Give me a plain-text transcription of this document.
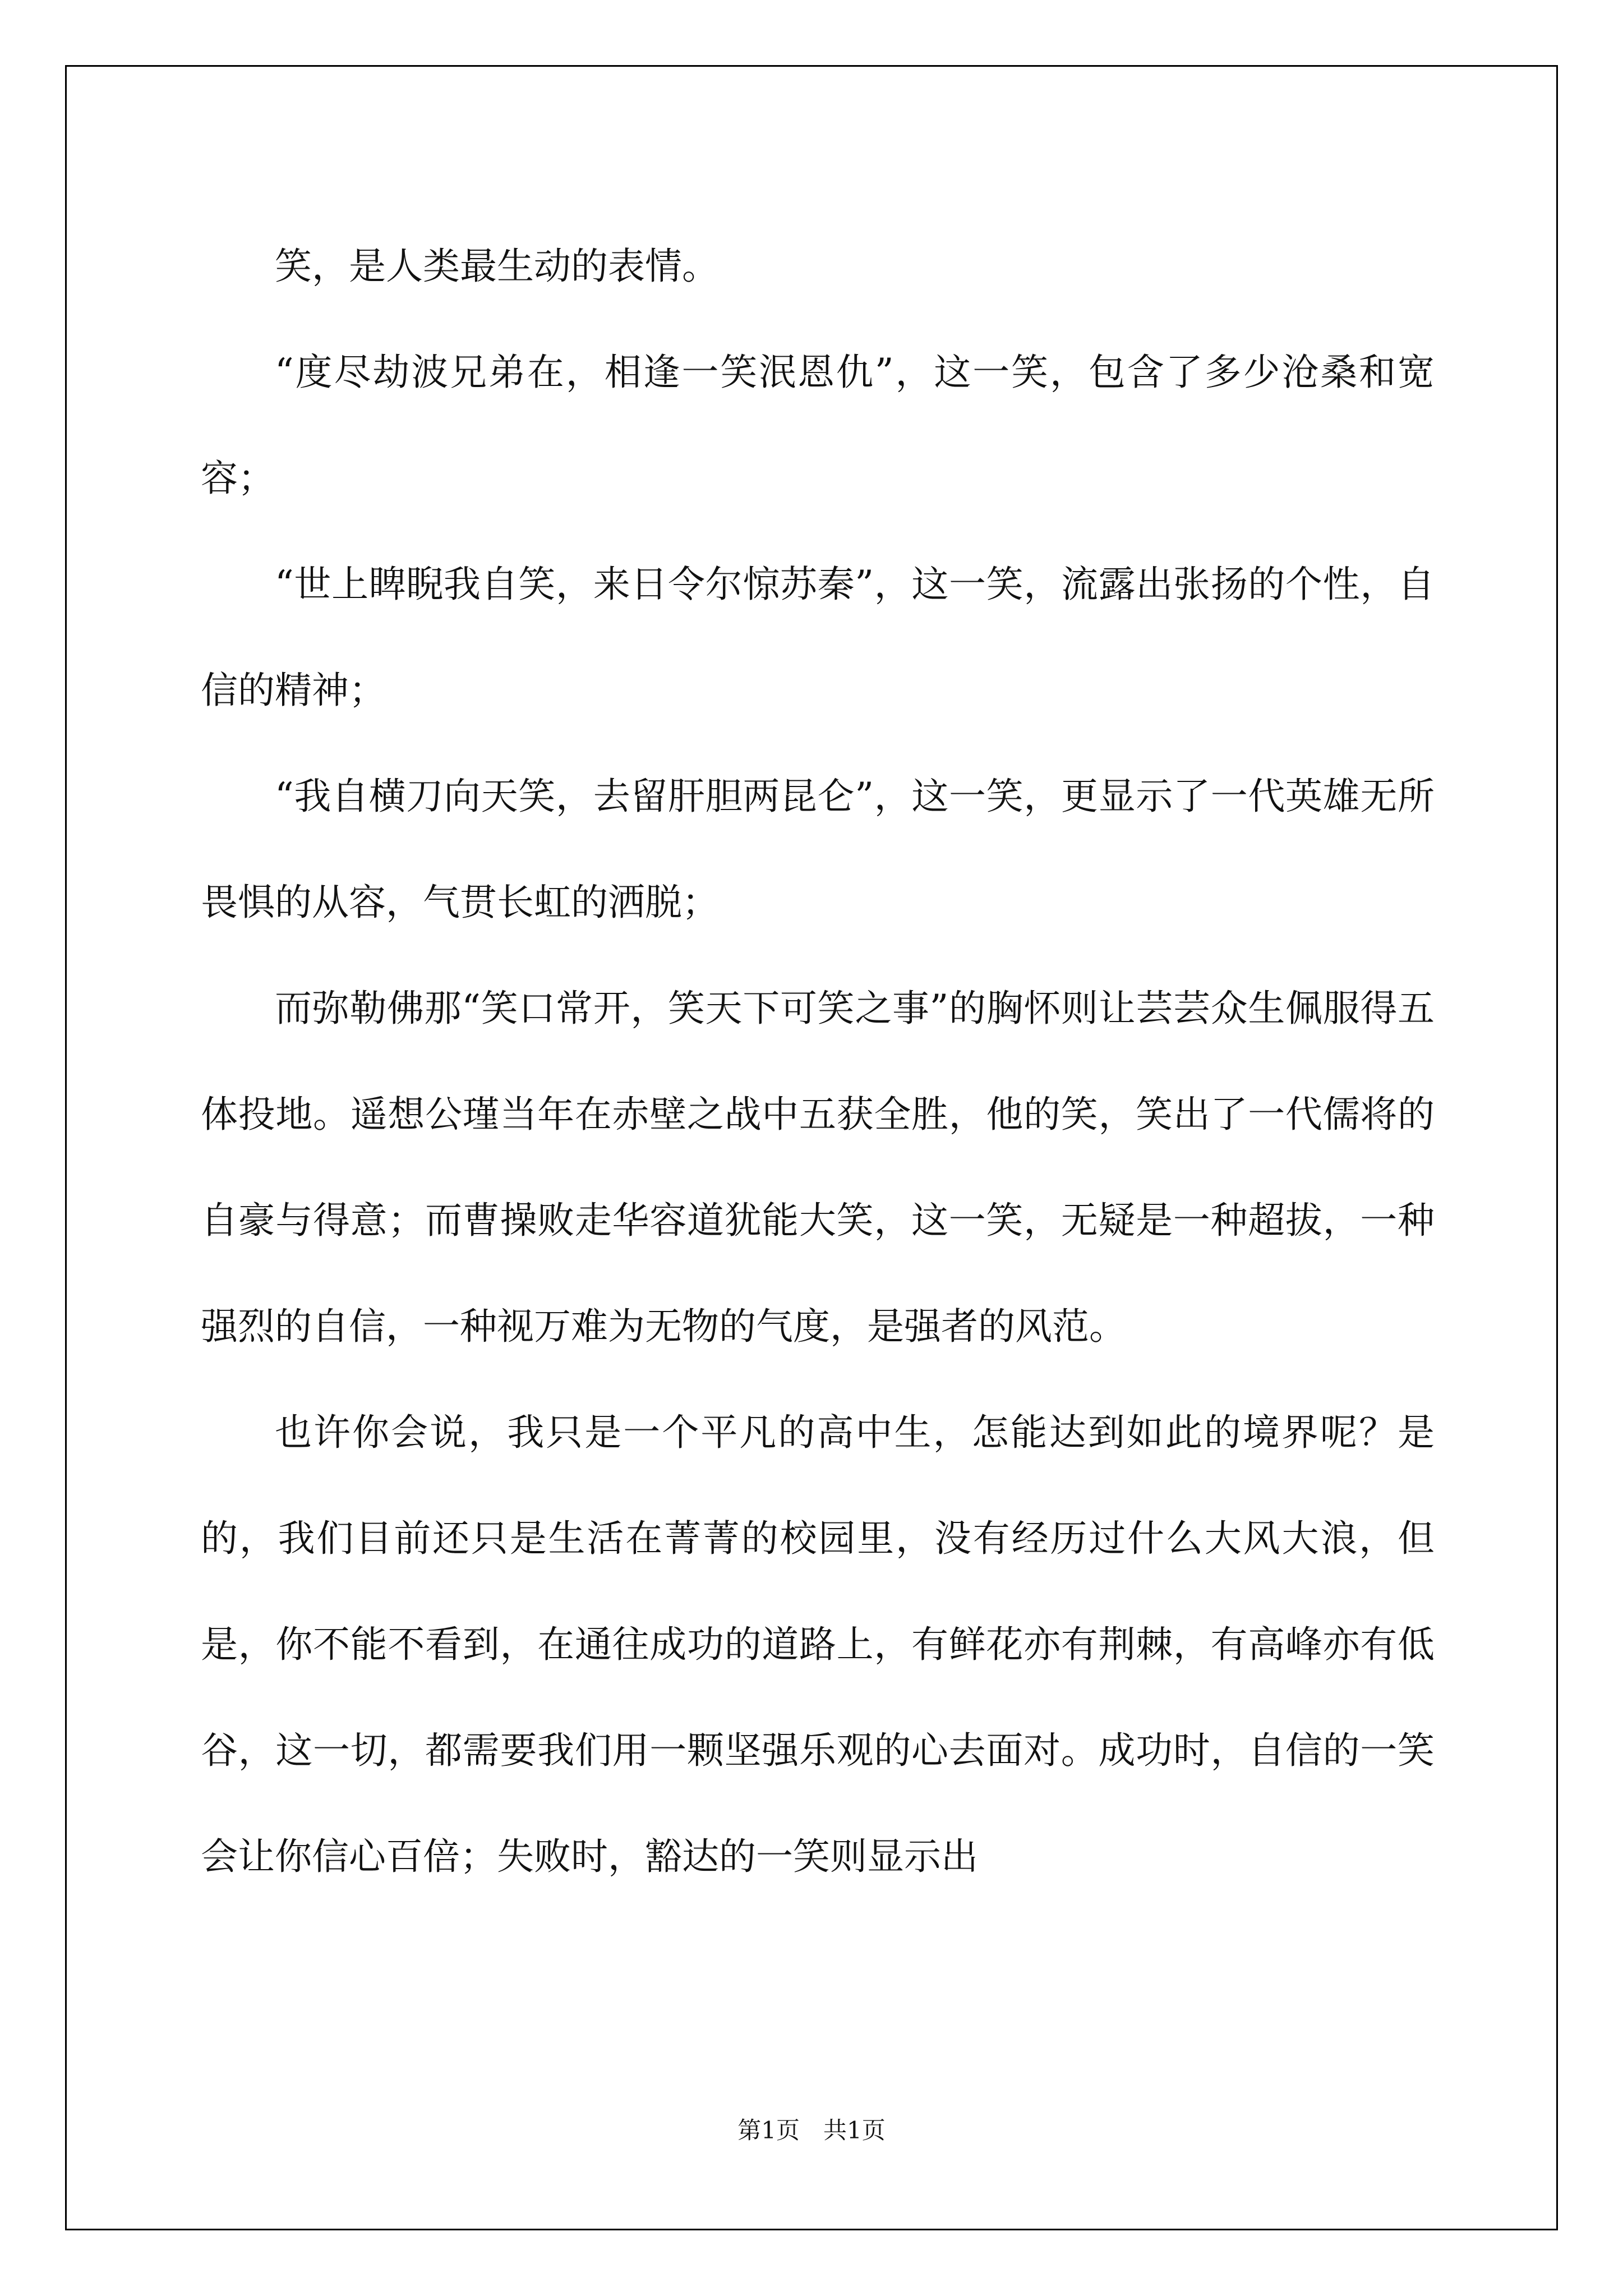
笑，是人类最生动的表情。

“度尽劫波兄弟在，相逢一笑泯恩仇”，这一笑，包含了多少沧桑和宽容；

“世上睥睨我自笑，来日令尔惊苏秦”，这一笑，流露出张扬的个性，自信的精神；

“我自横刀向天笑，去留肝胆两昆仑”，这一笑，更显示了一代英雄无所畏惧的从容，气贯长虹的洒脱；

而弥勒佛那“笑口常开，笑天下可笑之事”的胸怀则让芸芸众生佩服得五体投地。遥想公瑾当年在赤壁之战中五获全胜，他的笑，笑出了一代儒将的自豪与得意；而曹操败走华容道犹能大笑，这一笑，无疑是一种超拔，一种强烈的自信，一种视万难为无物的气度，是强者的风范。

也许你会说，我只是一个平凡的高中生，怎能达到如此的境界呢？是的，我们目前还只是生活在菁菁的校园里，没有经历过什么大风大浪，但是，你不能不看到，在通往成功的道路上，有鲜花亦有荆棘，有高峰亦有低谷，这一切，都需要我们用一颗坚强乐观的心去面对。成功时，自信的一笑会让你信心百倍；失败时，豁达的一笑则显示出

第1页 共1页
